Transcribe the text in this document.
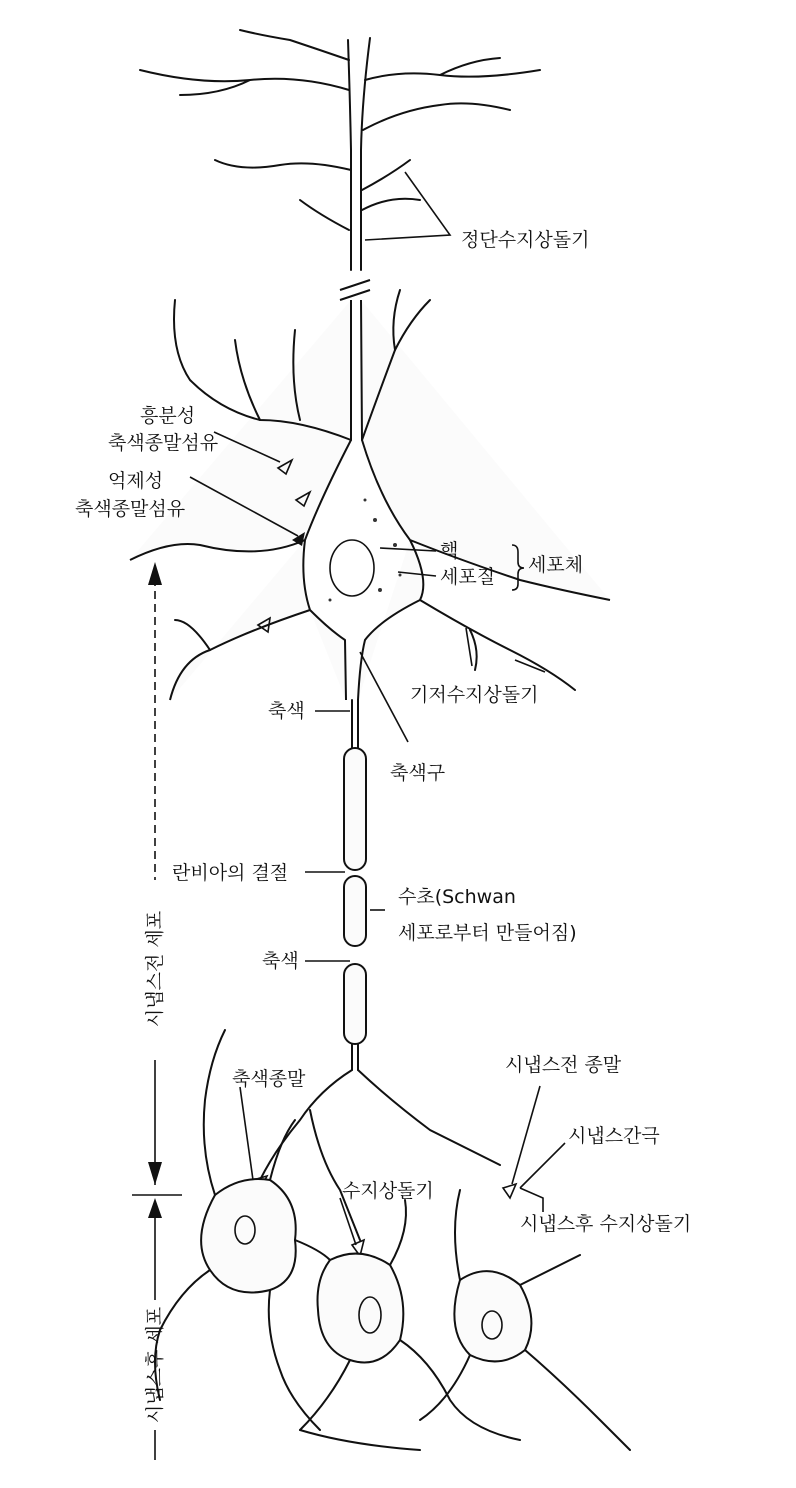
정단수지상돌기
흥분성
축색종말섬유
억제성
축색종말섬유
핵
세포질
세포체
기저수지상돌기
축색
축색구
란비아의 결절
수초(Schwan
세포로부터 만들어짐)
축색
축색종말
시냅스전 종말
시냅스간극
수지상돌기
시냅스후 수지상돌기
시냅스전 세포
시냅스후 세포
